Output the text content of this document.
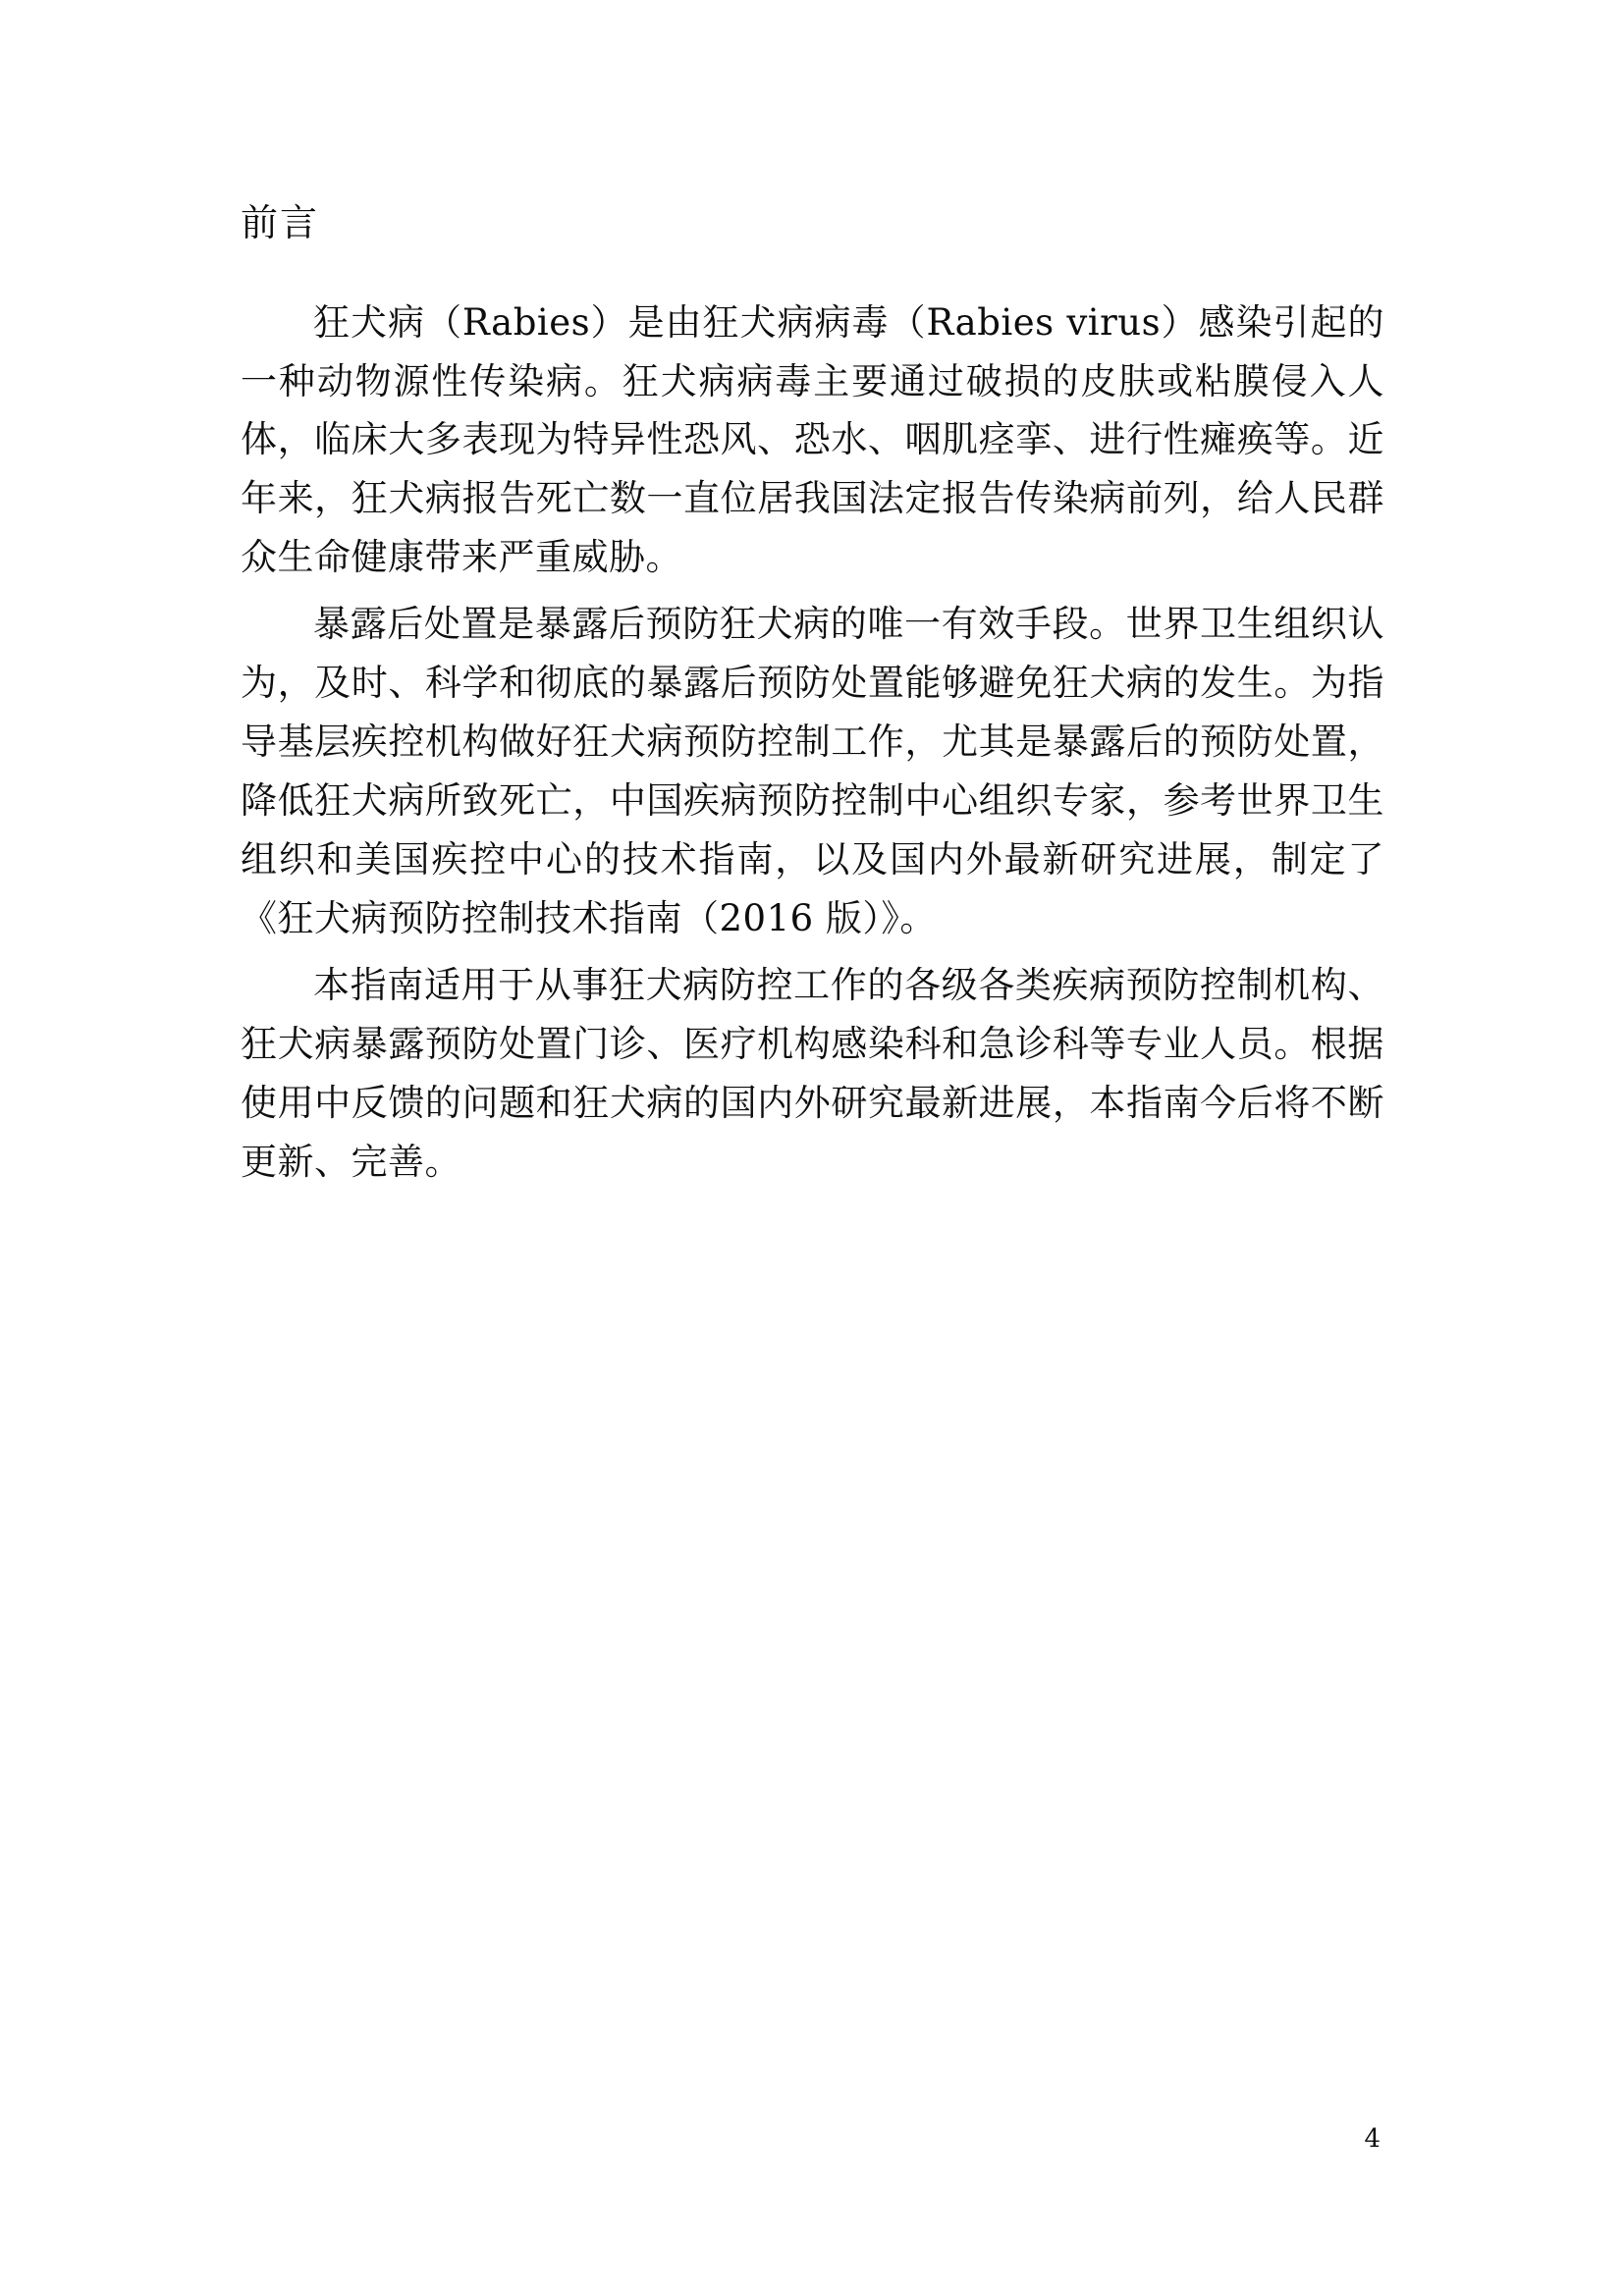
前言

狂犬病（Rabies）是由狂犬病病毒（Rabies virus）感染引起的一种动物源性传染病。狂犬病病毒主要通过破损的皮肤或粘膜侵入人体，临床大多表现为特异性恐风、恐水、咽肌痉挛、进行性瘫痪等。近年来，狂犬病报告死亡数一直位居我国法定报告传染病前列，给人民群众生命健康带来严重威胁。

暴露后处置是暴露后预防狂犬病的唯一有效手段。世界卫生组织认为，及时、科学和彻底的暴露后预防处置能够避免狂犬病的发生。为指导基层疾控机构做好狂犬病预防控制工作，尤其是暴露后的预防处置，降低狂犬病所致死亡，中国疾病预防控制中心组织专家，参考世界卫生组织和美国疾控中心的技术指南，以及国内外最新研究进展，制定了《狂犬病预防控制技术指南（2016 版）》。

本指南适用于从事狂犬病防控工作的各级各类疾病预防控制机构、狂犬病暴露预防处置门诊、医疗机构感染科和急诊科等专业人员。根据使用中反馈的问题和狂犬病的国内外研究最新进展，本指南今后将不断更新、完善。

4
